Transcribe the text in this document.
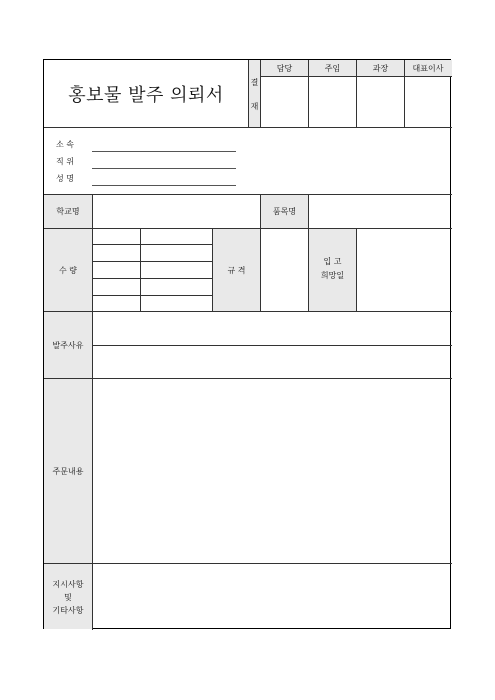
홍보물 발주 의뢰서
결
재
담당	주임	과장	대표이사
소 속
직 위
성 명
학교명	품목명
수 량	규 격
입 고
희망일
발주사유
주문내용
지시사항
및
기타사항
